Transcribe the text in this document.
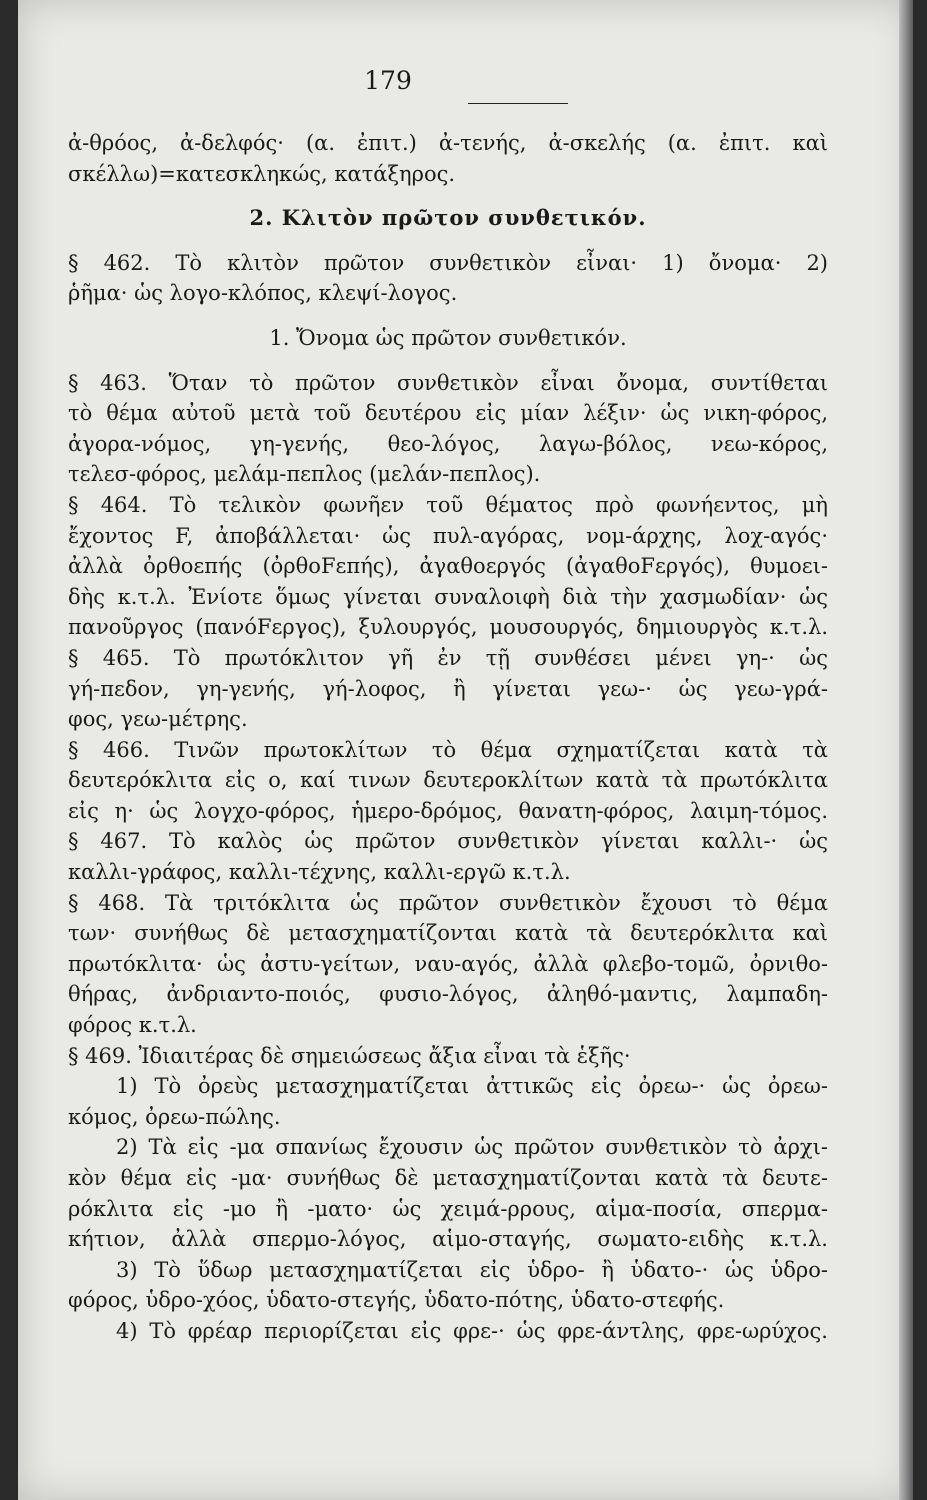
179
ἀ-θρόος, ἀ-δελφός· (α. ἐπιτ.) ἀ-τενής, ἀ-σκελής (α. ἐπιτ. καὶ
σκέλλω)=κατεσκληκώς, κατάξηρος.
2. Κλιτὸν πρῶτον συνθετικόν.
§ 462. Τὸ κλιτὸν πρῶτον συνθετικὸν εἶναι· 1) ὄνομα· 2)
ῥῆμα· ὡς λογο-κλόπος, κλεψί-λογος.
1. Ὄνομα ὡς πρῶτον συνθετικόν.
§ 463. Ὅταν τὸ πρῶτον συνθετικὸν εἶναι ὄνομα, συντίθεται
τὸ θέμα αὐτοῦ μετὰ τοῦ δευτέρου εἰς μίαν λέξιν· ὡς νικη-φόρος,
ἀγορα-νόμος, γη-γενής, θεο-λόγος, λαγω-βόλος, νεω-κόρος,
τελεσ-φόρος, μελάμ-πεπλος (μελάν-πεπλος).
§ 464. Τὸ τελικὸν φωνῆεν τοῦ θέματος πρὸ φωνήεντος, μὴ
ἔχοντος F, ἀποβάλλεται· ὡς πυλ-αγόρας, νομ-άρχης, λοχ-αγός·
ἀλλὰ ὀρθοεπής (ὀρθοFεπής), ἀγαθοεργός (ἀγαθοFεργός), θυμοει-
δὴς κ.τ.λ. Ἐνίοτε ὅμως γίνεται συναλοιφὴ διὰ τὴν χασμωδίαν· ὡς
πανοῦργος (πανόFεργος), ξυλουργός, μουσουργός, δημιουργὸς κ.τ.λ.
§ 465. Τὸ πρωτόκλιτον γῆ ἐν τῇ συνθέσει μένει γη-· ὡς
γή-πεδον, γη-γενής, γή-λοφος, ἢ γίνεται γεω-· ὡς γεω-γρά-
φος, γεω-μέτρης.
§ 466. Τινῶν πρωτοκλίτων τὸ θέμα σχηματίζεται κατὰ τὰ
δευτερόκλιτα εἰς ο, καί τινων δευτεροκλίτων κατὰ τὰ πρωτόκλιτα
εἰς η· ὡς λογχο-φόρος, ἡμερο-δρόμος, θανατη-φόρος, λαιμη-τόμος.
§ 467. Τὸ καλὸς ὡς πρῶτον συνθετικὸν γίνεται καλλι-· ὡς
καλλι-γράφος, καλλι-τέχνης, καλλι-εργῶ κ.τ.λ.
§ 468. Τὰ τριτόκλιτα ὡς πρῶτον συνθετικὸν ἔχουσι τὸ θέμα
των· συνήθως δὲ μετασχηματίζονται κατὰ τὰ δευτερόκλιτα καὶ
πρωτόκλιτα· ὡς ἀστυ-γείτων, ναυ-αγός, ἀλλὰ φλεβο-τομῶ, ὀρνιθο-
θήρας, ἀνδριαντο-ποιός, φυσιο-λόγος, ἀληθό-μαντις, λαμπαδη-
φόρος κ.τ.λ.
§ 469. Ἰδιαιτέρας δὲ σημειώσεως ἄξια εἶναι τὰ ἑξῆς·
1) Τὸ ὀρεὺς μετασχηματίζεται ἀττικῶς εἰς ὀρεω-· ὡς ὀρεω-
κόμος, ὀρεω-πώλης.
2) Τὰ εἰς -μα σπανίως ἔχουσιν ὡς πρῶτον συνθετικὸν τὸ ἀρχι-
κὸν θέμα εἰς -μα· συνήθως δὲ μετασχηματίζονται κατὰ τὰ δευτε-
ρόκλιτα εἰς -μο ἢ -ματο· ὡς χειμά-ρρους, αἱμα-ποσία, σπερμα-
κήτιον, ἀλλὰ σπερμο-λόγος, αἱμο-σταγής, σωματο-ειδὴς κ.τ.λ.
3) Τὸ ὕδωρ μετασχηματίζεται εἰς ὑδρο- ἢ ὑδατο-· ὡς ὑδρο-
φόρος, ὑδρο-χόος, ὑδατο-στεγής, ὑδατο-πότης, ὑδατο-στεφής.
4) Τὸ φρέαρ περιορίζεται εἰς φρε-· ὡς φρε-άντλης, φρε-ωρύχος.
